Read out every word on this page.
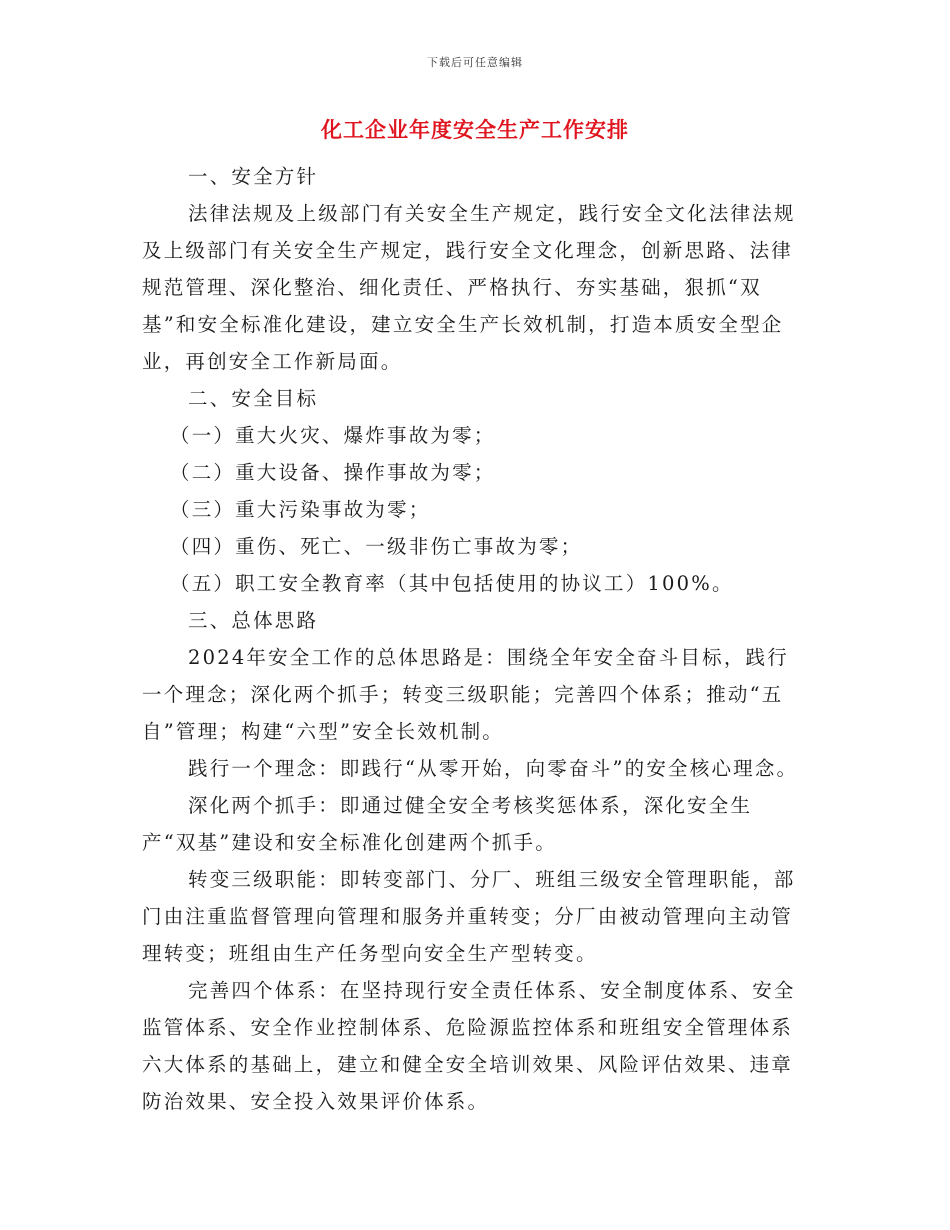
下载后可任意编辑
化工企业年度安全生产工作安排

一、安全方针

法律法规及上级部门有关安全生产规定，践行安全文化法律法规及上级部门有关安全生产规定，践行安全文化理念，创新思路、法律规范管理、深化整治、细化责任、严格执行、夯实基础，狠抓“双基”和安全标准化建设，建立安全生产长效机制，打造本质安全型企业，再创安全工作新局面。

二、安全目标

（一）重大火灾、爆炸事故为零；

（二）重大设备、操作事故为零；

（三）重大污染事故为零；

（四）重伤、死亡、一级非伤亡事故为零；

（五）职工安全教育率（其中包括使用的协议工）100%。

三、总体思路

2024年安全工作的总体思路是：围绕全年安全奋斗目标，践行一个理念；深化两个抓手；转变三级职能；完善四个体系；推动“五自”管理；构建“六型”安全长效机制。

践行一个理念：即践行“从零开始，向零奋斗”的安全核心理念。

深化两个抓手：即通过健全安全考核奖惩体系，深化安全生产“双基”建设和安全标准化创建两个抓手。

转变三级职能：即转变部门、分厂、班组三级安全管理职能，部门由注重监督管理向管理和服务并重转变；分厂由被动管理向主动管理转变；班组由生产任务型向安全生产型转变。

完善四个体系：在坚持现行安全责任体系、安全制度体系、安全监管体系、安全作业控制体系、危险源监控体系和班组安全管理体系六大体系的基础上，建立和健全安全培训效果、风险评估效果、违章防治效果、安全投入效果评价体系。
